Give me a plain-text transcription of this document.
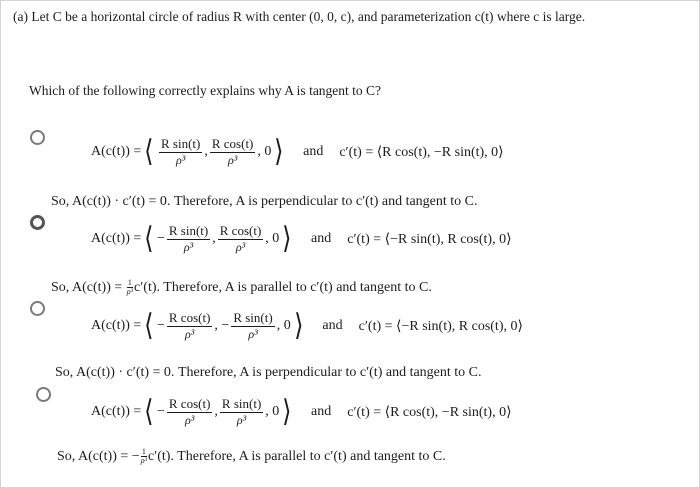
(a) Let C be a horizontal circle of radius R with center (0, 0, c), and parameterization c(t) where c is large.
Which of the following correctly explains why A is tangent to C?
A(c(t)) = ⟨ $\frac{\text{R sin(t)}}{\text{ρ³}}$ , $\frac{\text{R cos(t)}}{\text{ρ³}}$ , 0 ⟩ and c′(t) = ⟨R cos(t), −R sin(t), 0⟩
So, A(c(t)) · c′(t) = 0.
Therefore, A is perpendicular to c′(t) and tangent to C.
A(c(t)) = ⟨ − $\frac{\text{R sin(t)}}{\text{ρ³}}$ , $\frac{\text{R cos(t)}}{\text{ρ³}}$ , 0 ⟩ and c′(t) = ⟨−R sin(t), R cos(t), 0⟩
So, A(c(t)) =
$\frac{1}{\text{ρ³}} c'(t)$. Therefore, A is parallel to c′(t) and tangent to C.
A(c(t)) = ⟨ − $\frac{\text{R cos(t)}}{\text{ρ³}}$ , − $\frac{\text{R sin(t)}}{\text{ρ³}}$ , 0 ⟩ and c′(t) = ⟨−R sin(t), R cos(t), 0⟩
So, A(c(t)) · c′(t) = 0.
Therefore, A is perpendicular to c′(t) and tangent to C.
A(c(t)) = ⟨ − $\frac{\text{R cos(t)}}{\text{ρ³}}$ , $\frac{\text{R sin(t)}}{\text{ρ³}}$ , 0 ⟩ and c′(t) = ⟨R cos(t), −R sin(t), 0⟩
So, A(c(t)) =
− $\frac{1}{\text{ρ³}} c'(t)$. Therefore, A is parallel to c′(t) and tangent to C.
